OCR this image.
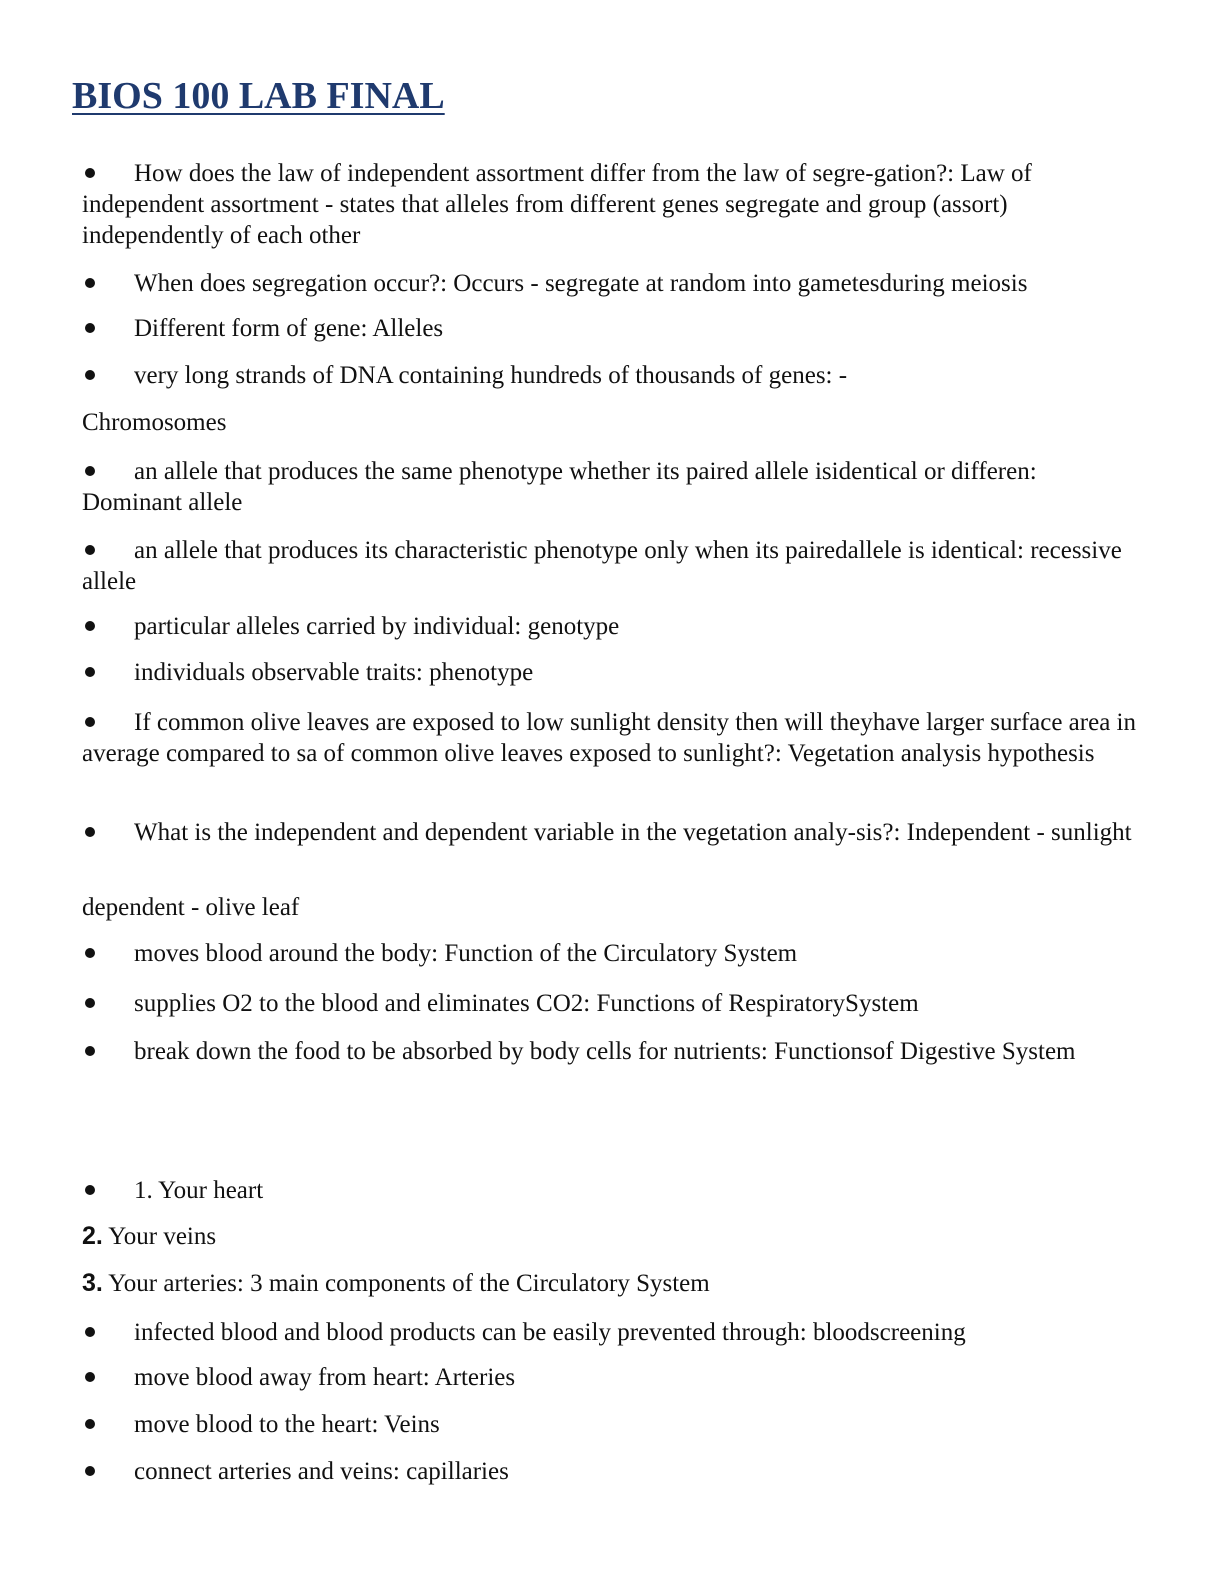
BIOS 100 LAB FINAL

How does the law of independent assortment differ from the law of segre-gation?: Law of independent assortment - states that alleles from different genes segregate and group (assort) independently of each other

When does segregation occur?: Occurs - segregate at random into gametesduring meiosis

Different form of gene: Alleles

very long strands of DNA containing hundreds of thousands of genes: -

Chromosomes

an allele that produces the same phenotype whether its paired allele isidentical or differen: Dominant allele

an allele that produces its characteristic phenotype only when its pairedallele is identical: recessive allele

particular alleles carried by individual: genotype

individuals observable traits: phenotype

If common olive leaves are exposed to low sunlight density then will theyhave larger surface area in average compared to sa of common olive leaves exposed to sunlight?: Vegetation analysis hypothesis

What is the independent and dependent variable in the vegetation analy-sis?: Independent - sunlight

dependent - olive leaf

moves blood around the body: Function of the Circulatory System

supplies O2 to the blood and eliminates CO2: Functions of RespiratorySystem

break down the food to be absorbed by body cells for nutrients: Functionsof Digestive System

1. Your heart

2. Your veins

3. Your arteries: 3 main components of the Circulatory System

infected blood and blood products can be easily prevented through: bloodscreening

move blood away from heart: Arteries

move blood to the heart: Veins

connect arteries and veins: capillaries
